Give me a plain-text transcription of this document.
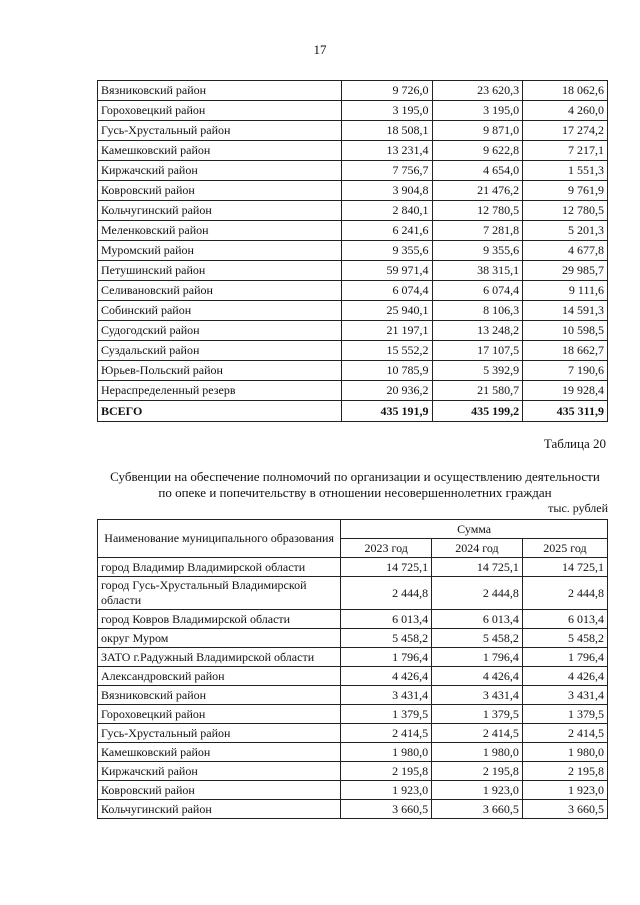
17
Вязниковский район	9 726,0	23 620,3	18 062,6
Гороховецкий район	3 195,0	3 195,0	4 260,0
Гусь-Хрустальный район	18 508,1	9 871,0	17 274,2
Камешковский район	13 231,4	9 622,8	7 217,1
Киржачский район	7 756,7	4 654,0	1 551,3
Ковровский район	3 904,8	21 476,2	9 761,9
Кольчугинский район	2 840,1	12 780,5	12 780,5
Меленковский район	6 241,6	7 281,8	5 201,3
Муромский район	9 355,6	9 355,6	4 677,8
Петушинский район	59 971,4	38 315,1	29 985,7
Селивановский район	6 074,4	6 074,4	9 111,6
Собинский район	25 940,1	8 106,3	14 591,3
Судогодский район	21 197,1	13 248,2	10 598,5
Суздальский район	15 552,2	17 107,5	18 662,7
Юрьев-Польский район	10 785,9	5 392,9	7 190,6
Нераспределенный резерв	20 936,2	21 580,7	19 928,4
ВСЕГО	435 191,9	435 199,2	435 311,9
Таблица 20
Субвенции на обеспечение полномочий по организации и осуществлению деятельности
по опеке и попечительству в отношении несовершеннолетних граждан
тыс. рублей
Наименование муниципального образования	Сумма		
	2023 год	2024 год	2025 год
город Владимир Владимирской области	14 725,1	14 725,1	14 725,1
город Гусь-Хрустальный Владимирской области	2 444,8	2 444,8	2 444,8
город Ковров Владимирской области	6 013,4	6 013,4	6 013,4
округ Муром	5 458,2	5 458,2	5 458,2
ЗАТО г.Радужный Владимирской области	1 796,4	1 796,4	1 796,4
Александровский район	4 426,4	4 426,4	4 426,4
Вязниковский район	3 431,4	3 431,4	3 431,4
Гороховецкий район	1 379,5	1 379,5	1 379,5
Гусь-Хрустальный район	2 414,5	2 414,5	2 414,5
Камешковский район	1 980,0	1 980,0	1 980,0
Киржачский район	2 195,8	2 195,8	2 195,8
Ковровский район	1 923,0	1 923,0	1 923,0
Кольчугинский район	3 660,5	3 660,5	3 660,5
